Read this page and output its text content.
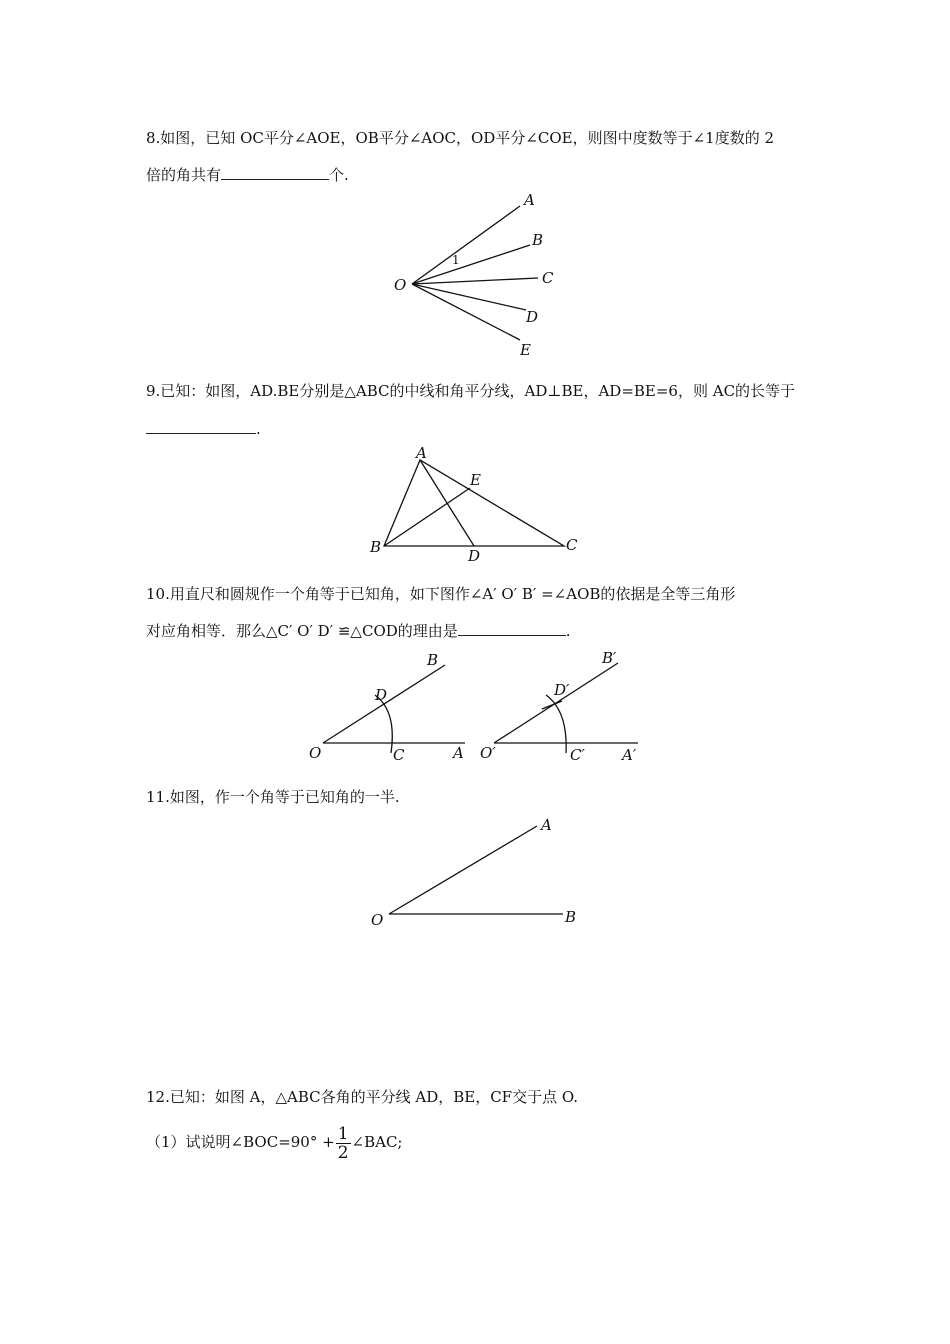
8.如图，已知 OC平分∠AOE，OB平分∠AOC，OD平分∠COE，则图中度数等于∠1度数的 2
倍的角共有	个.
O
A
B
C
D
E
1
9.已知：如图，AD.BE分别是△ABC的中线和角平分线，AD⊥BE，AD=BE=6，则 AC的长等于
.
A
E
B	D
C
10.用直尺和圆规作一个角等于已知角，如下图作∠A′ O′ B′ =∠AOB的依据是全等三角形
对应角相等．那么△C′ O′ D′ ≌△COD的理由是	.
O	A
B
C
D
O′	A′
B′
C′
D′
11.如图，作一个角等于已知角的一半.
O
A
B
12.已知：如图 A，△ABC各角的平分线 AD，BE，CF交于点 O.
（1）试说明∠BOC=90° + $\frac{1}{2}$ ∠BAC;
